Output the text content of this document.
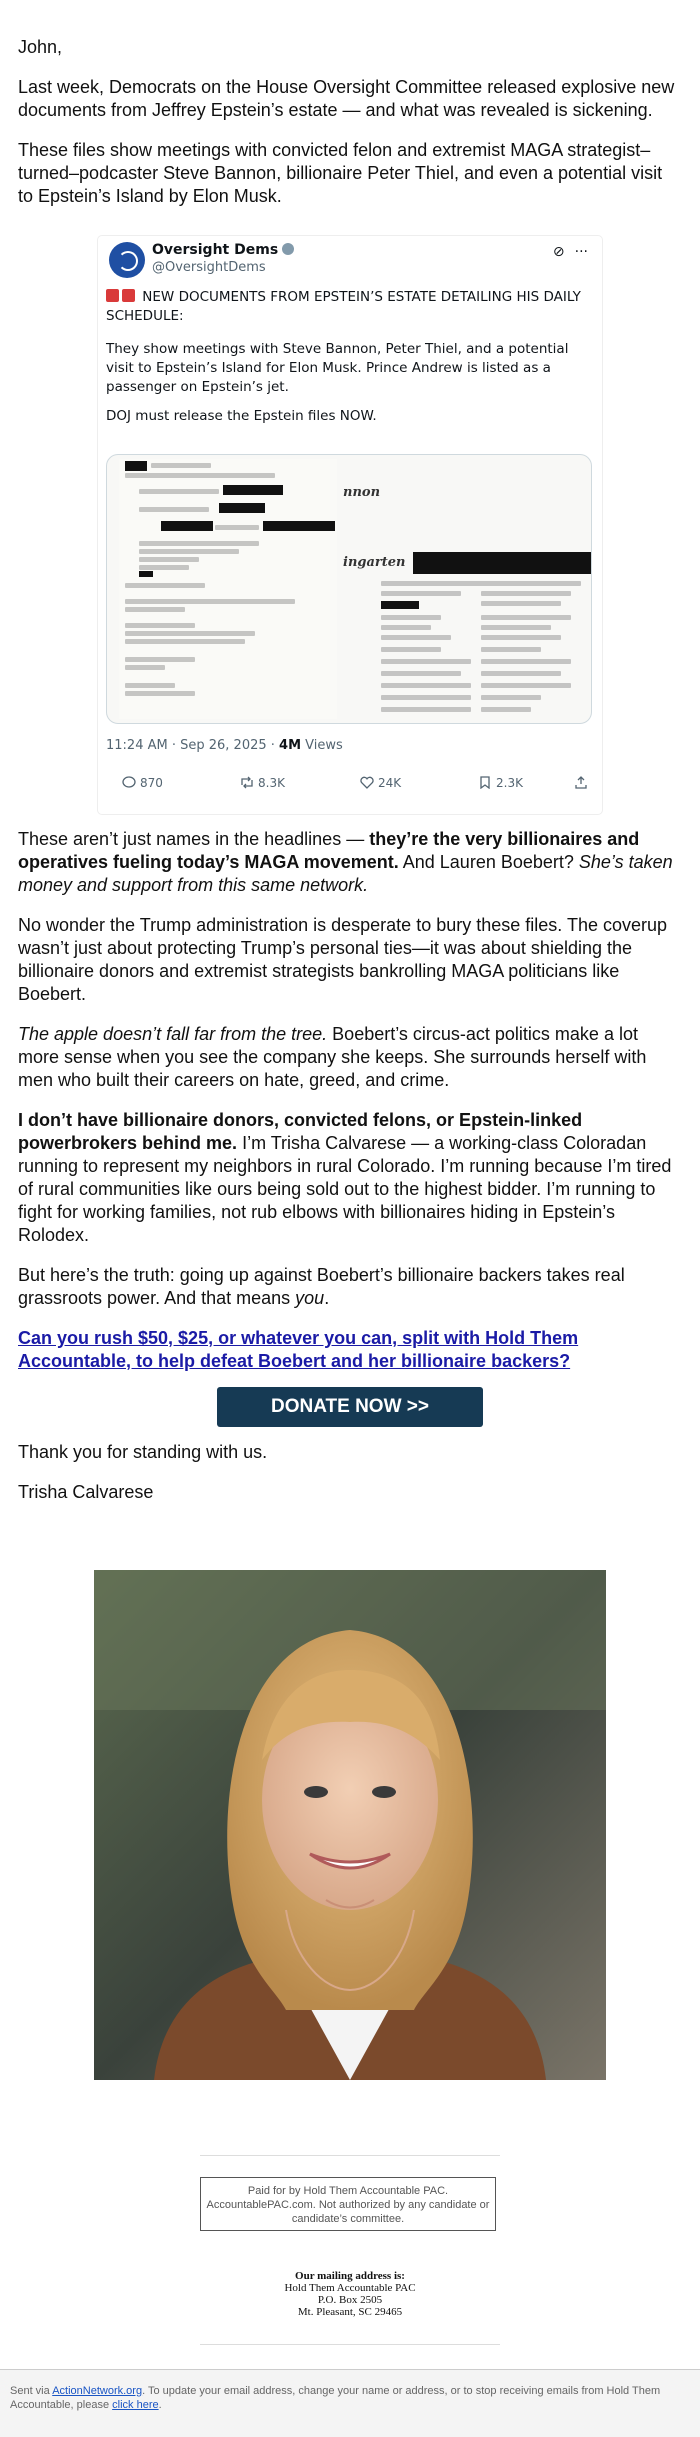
John,

Last week, Democrats on the House Oversight Committee released explosive new documents from Jeffrey Epstein’s estate — and what was revealed is sickening.

These files show meetings with convicted felon and extremist MAGA strategist–turned–podcaster Steve Bannon, billionaire Peter Thiel, and even a potential visit to Epstein’s Island by Elon Musk.

Oversight Dems
@OversightDems
⊘ ···

NEW DOCUMENTS FROM EPSTEIN’S ESTATE DETAILING HIS DAILY SCHEDULE:

They show meetings with Steve Bannon, Peter Thiel, and a potential visit to Epstein’s Island for Elon Musk. Prince Andrew is listed as a passenger on Epstein’s jet.

DOJ must release the Epstein files NOW.

nnon
ingarten
11:24 AM · Sep 26, 2025 · 4M Views
870	8.3K	24K	2.3K

These aren’t just names in the headlines — they’re the very billionaires and operatives fueling today’s MAGA movement. And Lauren Boebert? She’s taken money and support from this same network.

No wonder the Trump administration is desperate to bury these files. The coverup wasn’t just about protecting Trump’s personal ties—it was about shielding the billionaire donors and extremist strategists bankrolling MAGA politicians like Boebert.

The apple doesn’t fall far from the tree. Boebert’s circus-act politics make a lot more sense when you see the company she keeps. She surrounds herself with men who built their careers on hate, greed, and crime.

I don’t have billionaire donors, convicted felons, or Epstein-linked powerbrokers behind me. I’m Trisha Calvarese — a working-class Coloradan running to represent my neighbors in rural Colorado. I’m running because I’m tired of rural communities like ours being sold out to the highest bidder. I’m running to fight for working families, not rub elbows with billionaires hiding in Epstein’s Rolodex.

But here’s the truth: going up against Boebert’s billionaire backers takes real grassroots power. And that means you.

Can you rush $50, $25, or whatever you can, split with Hold Them Accountable, to help defeat Boebert and her billionaire backers?

DONATE NOW >>

Thank you for standing with us.

Trisha Calvarese

Paid for by Hold Them Accountable PAC. AccountablePAC.com. Not authorized by any candidate or candidate’s committee.
Our mailing address is:
Hold Them Accountable PAC
P.O. Box 2505
Mt. Pleasant, SC 29465
Sent via ActionNetwork.org. To update your email address, change your name or address, or to stop receiving emails from Hold Them Accountable, please click here.
